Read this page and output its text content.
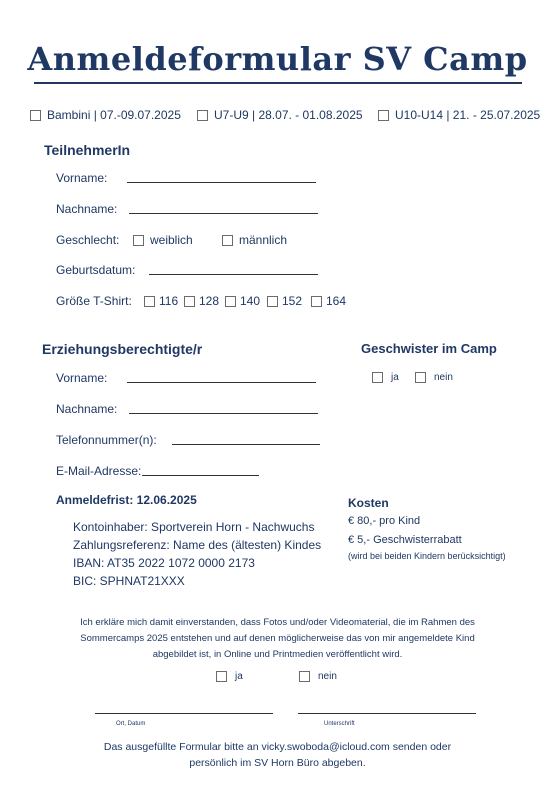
Anmeldeformular SV Camp
Bambini | 07.-09.07.2025	U7-U9 | 28.07. - 01.08.2025	U10-U14 | 21. - 25.07.2025
TeilnehmerIn
Vorname:
Nachname:
Geschlecht:	weiblich	männlich
Geburtsdatum:
Größe T-Shirt:	116	128	140	152	164
Erziehungsberechtigte/r
Vorname:
Nachname:
Telefonnummer(n):
E-Mail-Adresse:
Geschwister im Camp
ja	nein
Anmeldefrist: 12.06.2025
Kontoinhaber: Sportverein Horn - Nachwuchs
Zahlungsreferenz: Name des (ältesten) Kindes
IBAN: AT35 2022 1072 0000 2173
BIC: SPHNAT21XXX
Kosten
€ 80,- pro Kind
€ 5,- Geschwisterrabatt
(wird bei beiden Kindern berücksichtigt)
Ich erkläre mich damit einverstanden, dass Fotos und/oder Videomaterial, die im Rahmen des
Sommercamps 2025 entstehen und auf denen möglicherweise das von mir angemeldete Kind
abgebildet ist, in Online und Printmedien veröffentlicht wird.
ja	nein
Ort, Datum	Unterschrift
Das ausgefüllte Formular bitte an vicky.swoboda@icloud.com senden oder
persönlich im SV Horn Büro abgeben.
